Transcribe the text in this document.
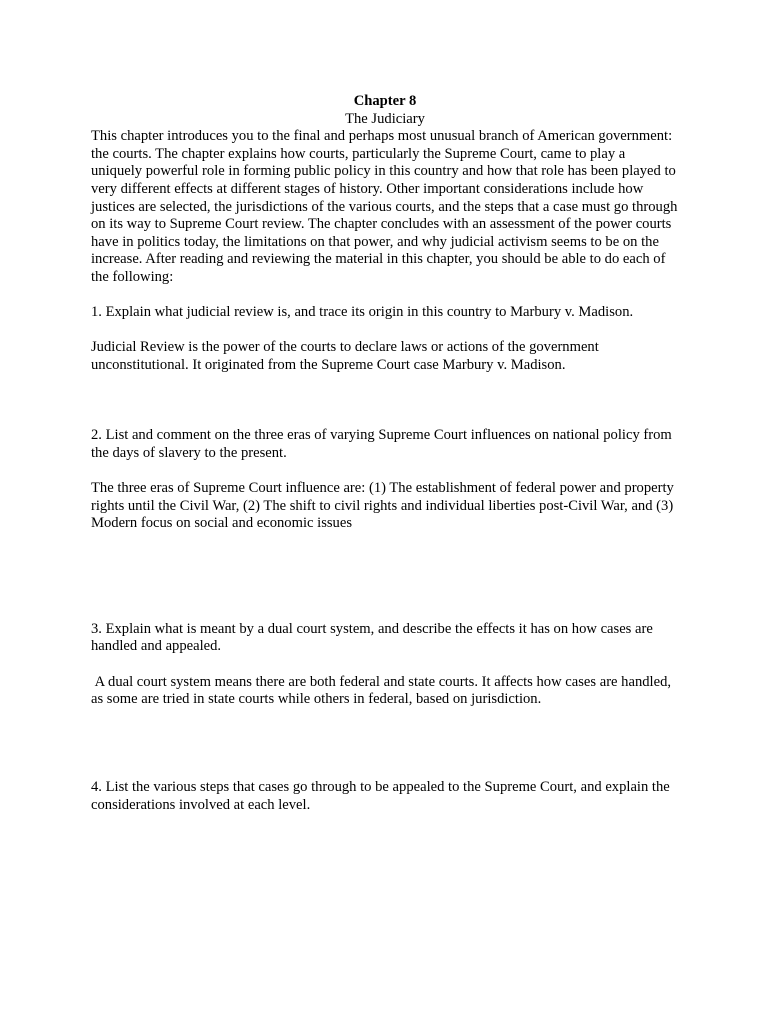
Chapter 8

The Judiciary

This chapter introduces you to the final and perhaps most unusual branch of American government: the courts. The chapter explains how courts, particularly the Supreme Court, came to play a uniquely powerful role in forming public policy in this country and how that role has been played to very different effects at different stages of history. Other important considerations include how justices are selected, the jurisdictions of the various courts, and the steps that a case must go through on its way to Supreme Court review. The chapter concludes with an assessment of the power courts have in politics today, the limitations on that power, and why judicial activism seems to be on the increase. After reading and reviewing the material in this chapter, you should be able to do each of the following:

1. Explain what judicial review is, and trace its origin in this country to Marbury v. Madison.

Judicial Review is the power of the courts to declare laws or actions of the government unconstitutional. It originated from the Supreme Court case Marbury v. Madison.

2. List and comment on the three eras of varying Supreme Court influences on national policy from the days of slavery to the present.

The three eras of Supreme Court influence are: (1) The establishment of federal power and property rights until the Civil War, (2) The shift to civil rights and individual liberties post-Civil War, and (3) Modern focus on social and economic issues

3. Explain what is meant by a dual court system, and describe the effects it has on how cases are handled and appealed.

A dual court system means there are both federal and state courts. It affects how cases are handled, as some are tried in state courts while others in federal, based on jurisdiction.

4. List the various steps that cases go through to be appealed to the Supreme Court, and explain the considerations involved at each level.
